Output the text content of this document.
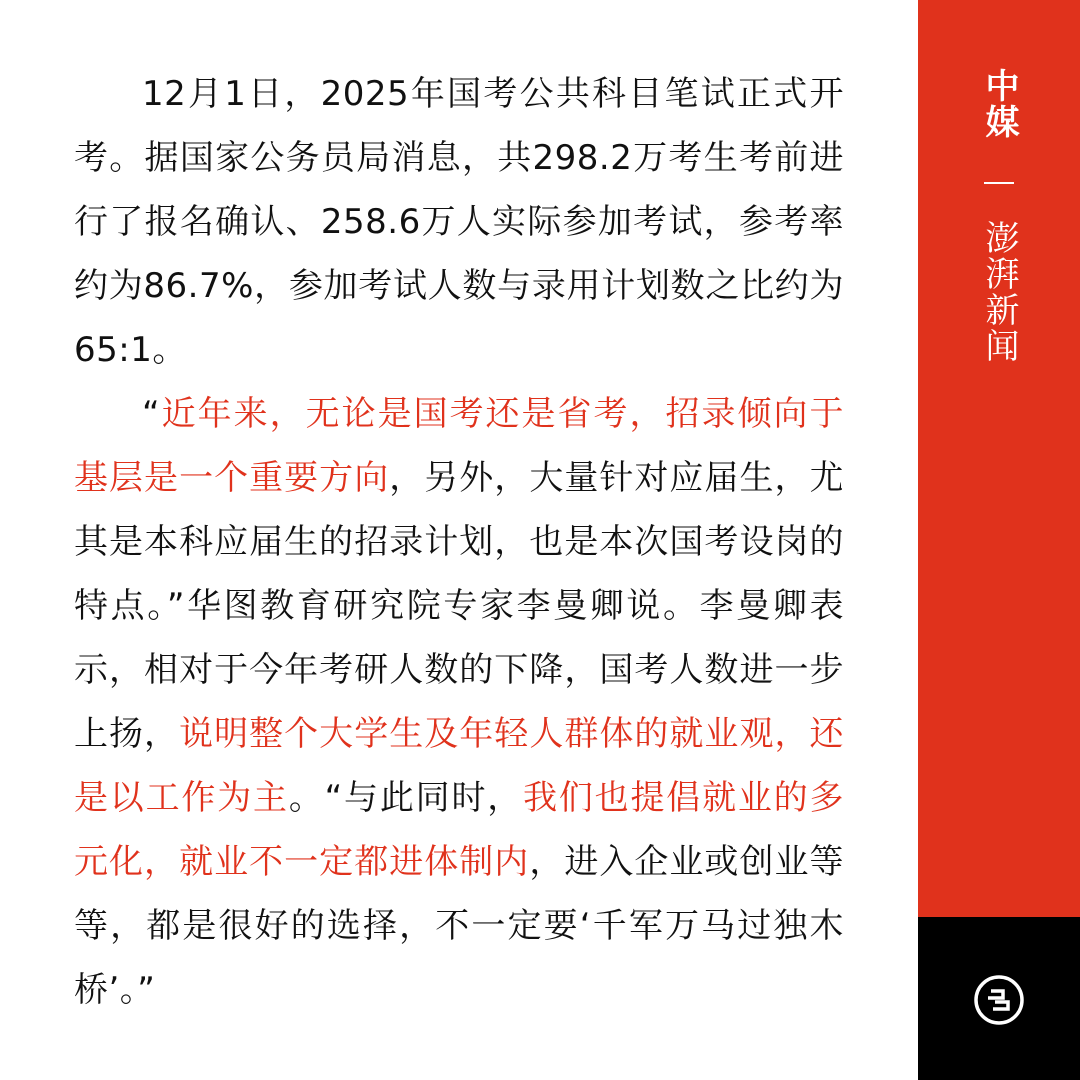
12月1日，2025年国考公共科目笔试正式开考。据国家公务员局消息，共298.2万考生考前进行了报名确认、258.6万人实际参加考试，参考率约为86.7%，参加考试人数与录用计划数之比约为65:1。

“近年来，无论是国考还是省考，招录倾向于基层是一个重要方向，另外，大量针对应届生，尤其是本科应届生的招录计划，也是本次国考设岗的特点。”华图教育研究院专家李曼卿说。李曼卿表示，相对于今年考研人数的下降，国考人数进一步上扬，说明整个大学生及年轻人群体的就业观，还是以工作为主。“与此同时，我们也提倡就业的多元化，就业不一定都进体制内，进入企业或创业等等，都是很好的选择，不一定要‘千军万马过独木桥’。”

中媒
澎湃新闻
